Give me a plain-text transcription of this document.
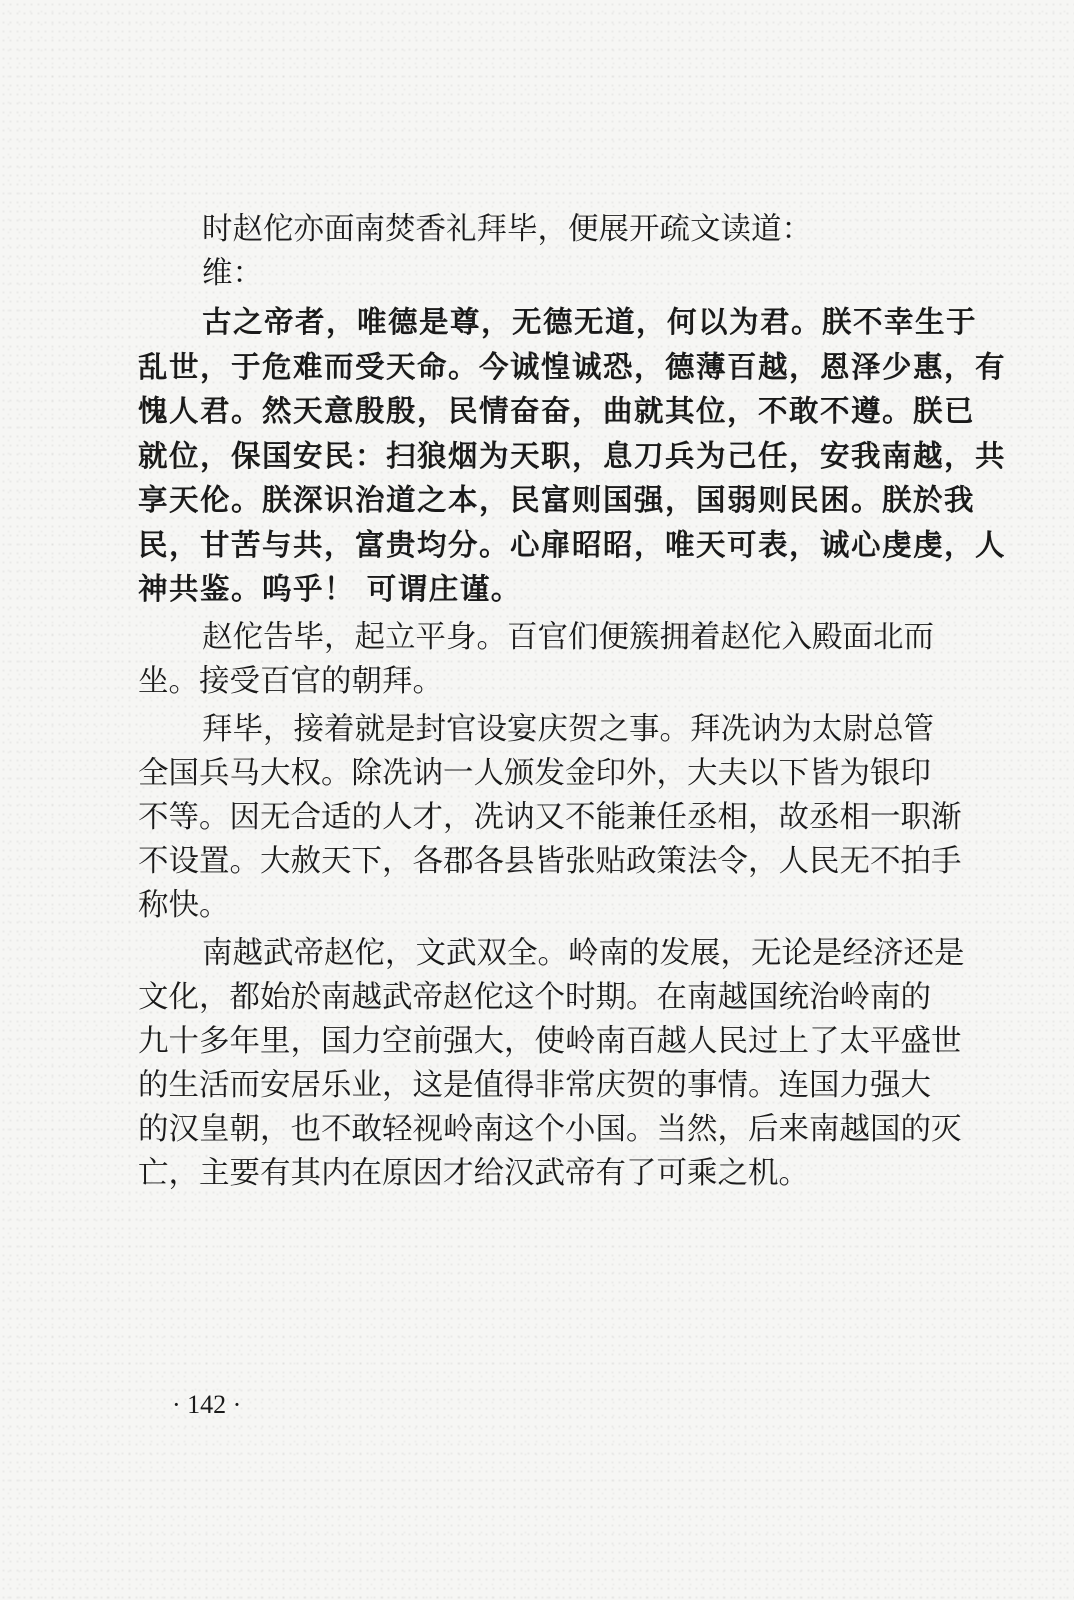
时赵佗亦面南焚香礼拜毕，便展开疏文读道：
维：
古之帝者，唯德是尊，无德无道，何以为君。朕不幸生于
乱世，于危难而受天命。今诚惶诚恐，德薄百越，恩泽少惠，有
愧人君。然天意殷殷，民情奋奋，曲就其位，不敢不遵。朕已
就位，保国安民：扫狼烟为天职，息刀兵为己任，安我南越，共
享天伦。朕深识治道之本，民富则国强，国弱则民困。朕於我
民，甘苦与共，富贵均分。心扉昭昭，唯天可表，诚心虔虔，人
神共鉴。呜乎！ 可谓庄谨。
赵佗告毕，起立平身。百官们便簇拥着赵佗入殿面北而
坐。接受百官的朝拜。
拜毕，接着就是封官设宴庆贺之事。拜冼讷为太尉总管
全国兵马大权。除冼讷一人颁发金印外，大夫以下皆为银印
不等。因无合适的人才，冼讷又不能兼任丞相，故丞相一职渐
不设置。大赦天下，各郡各县皆张贴政策法令，人民无不拍手
称快。
南越武帝赵佗，文武双全。岭南的发展，无论是经济还是
文化，都始於南越武帝赵佗这个时期。在南越国统治岭南的
九十多年里，国力空前强大，使岭南百越人民过上了太平盛世
的生活而安居乐业，这是值得非常庆贺的事情。连国力强大
的汉皇朝，也不敢轻视岭南这个小国。当然，后来南越国的灭
亡，主要有其内在原因才给汉武帝有了可乘之机。
· 142 ·
